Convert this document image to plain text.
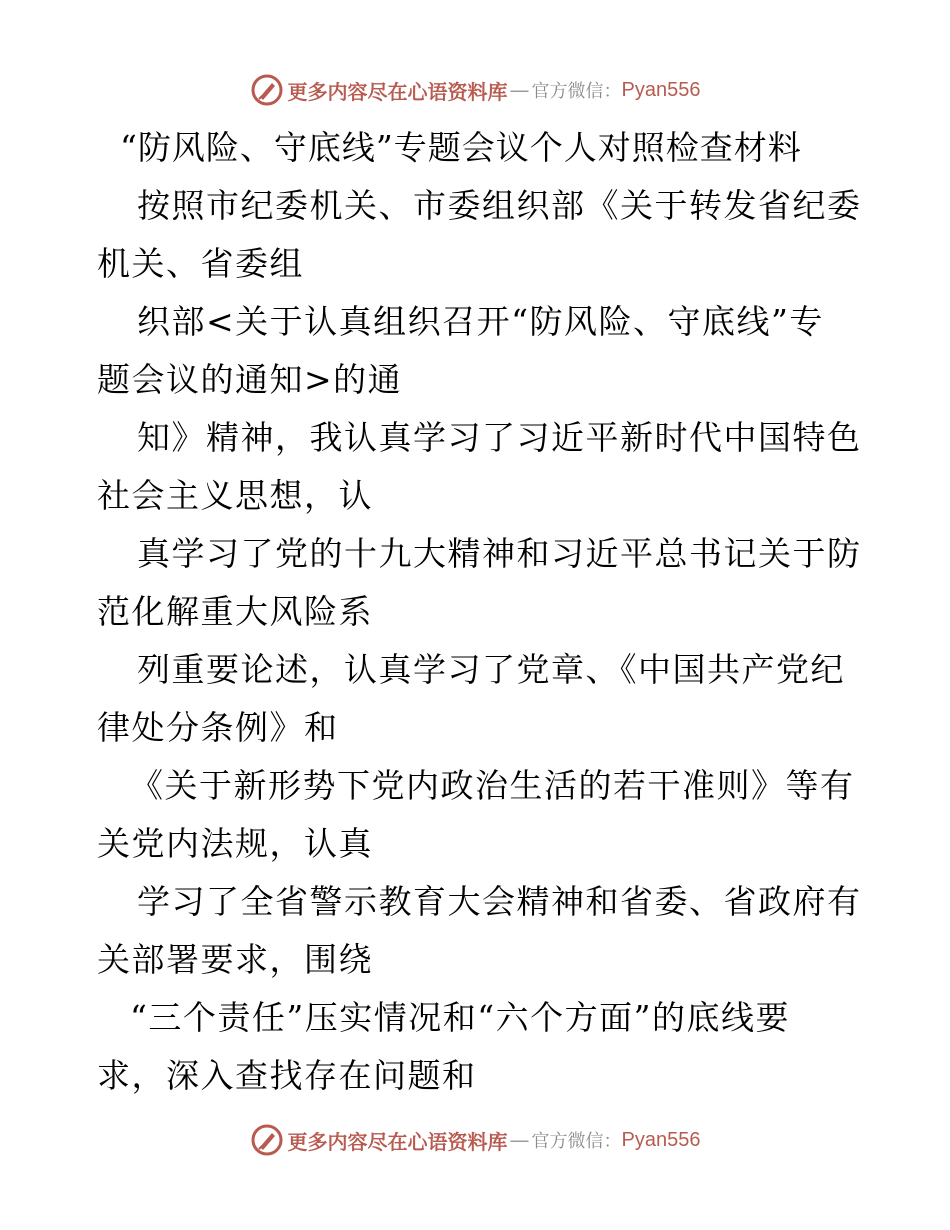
更多内容尽在心语资料库 — 官方微信： Pyan556
“防风险、守底线”专题会议个人对照检查材料
按照市纪委机关、市委组织部《关于转发省纪委
机关、省委组
织部<关于认真组织召开“防风险、守底线”专
题会议的通知>的通
知》精神，我认真学习了习近平新时代中国特色
社会主义思想，认
真学习了党的十九大精神和习近平总书记关于防
范化解重大风险系
列重要论述，认真学习了党章、《中国共产党纪
律处分条例》和
《关于新形势下党内政治生活的若干准则》等有
关党内法规，认真
学习了全省警示教育大会精神和省委、省政府有
关部署要求，围绕
“三个责任”压实情况和“六个方面”的底线要
求，深入查找存在问题和
更多内容尽在心语资料库 — 官方微信： Pyan556
